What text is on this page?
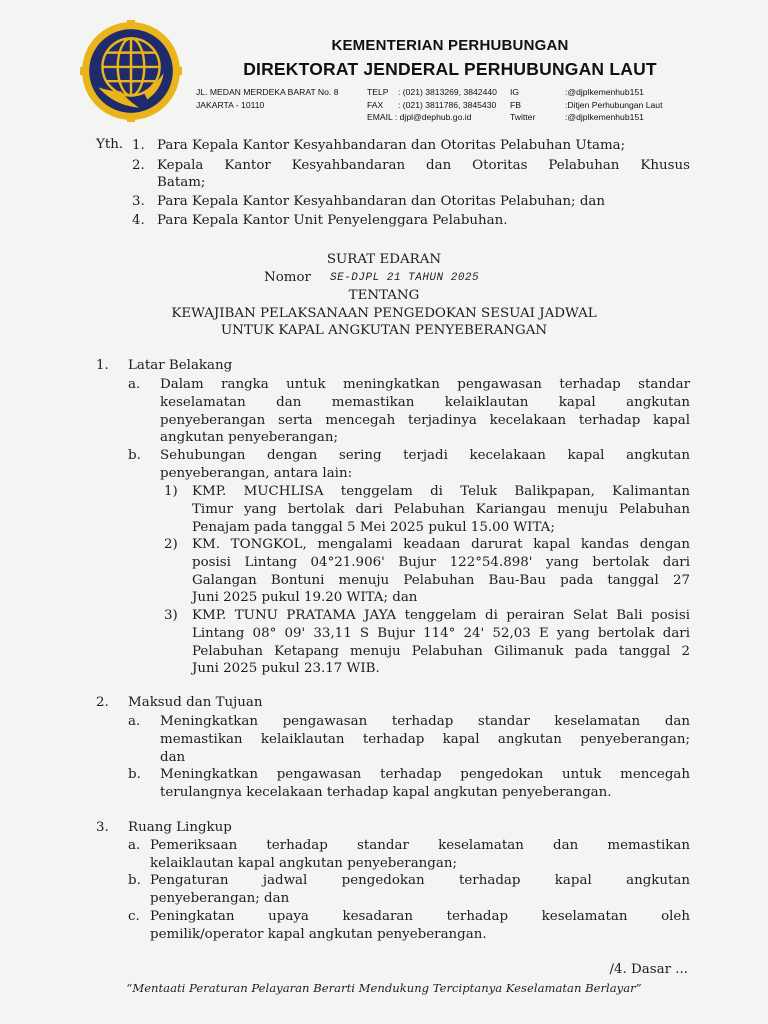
KEMENTERIAN PERHUBUNGAN
DIREKTORAT JENDERAL PERHUBUNGAN LAUT
JL. MEDAN MERDEKA BARAT No. 8
JAKARTA - 10110
TELP
FAX
: (021) 3813269, 3842440
: (021) 3811786, 3845430
EMAIL : djpl@dephub.go.id
IG
FB
Twitter
:@djplkemenhub151
:Ditjen Perhubungan Laut
:@djplkemenhub151
Yth. 1. Para Kepala Kantor Kesyahbandaran dan Otoritas Pelabuhan Utama;
2. Kepala Kantor Kesyahbandaran dan Otoritas Pelabuhan Khusus
Batam;
3. Para Kepala Kantor Kesyahbandaran dan Otoritas Pelabuhan; dan
4. Para Kepala Kantor Unit Penyelenggara Pelabuhan.
SURAT EDARAN
Nomor SE-DJPL 21 TAHUN 2025
TENTANG
KEWAJIBAN PELAKSANAAN PENGEDOKAN SESUAI JADWAL
UNTUK KAPAL ANGKUTAN PENYEBERANGAN
1. Latar Belakang
a. Dalam rangka untuk meningkatkan pengawasan terhadap standar
keselamatan dan memastikan kelaiklautan kapal angkutan
penyeberangan serta mencegah terjadinya kecelakaan terhadap kapal
angkutan penyeberangan;
b. Sehubungan dengan sering terjadi kecelakaan kapal angkutan
penyeberangan, antara lain:
1) KMP. MUCHLISA tenggelam di Teluk Balikpapan, Kalimantan
Timur yang bertolak dari Pelabuhan Kariangau menuju Pelabuhan
Penajam pada tanggal 5 Mei 2025 pukul 15.00 WITA;
2) KM. TONGKOL, mengalami keadaan darurat kapal kandas dengan
posisi Lintang 04°21.906' Bujur 122°54.898' yang bertolak dari
Galangan Bontuni menuju Pelabuhan Bau-Bau pada tanggal 27
Juni 2025 pukul 19.20 WITA; dan
3) KMP. TUNU PRATAMA JAYA tenggelam di perairan Selat Bali posisi
Lintang 08° 09' 33,11 S Bujur 114° 24' 52,03 E yang bertolak dari
Pelabuhan Ketapang menuju Pelabuhan Gilimanuk pada tanggal 2
Juni 2025 pukul 23.17 WIB.
2. Maksud dan Tujuan
a. Meningkatkan pengawasan terhadap standar keselamatan dan
memastikan kelaiklautan terhadap kapal angkutan penyeberangan;
dan
b. Meningkatkan pengawasan terhadap pengedokan untuk mencegah
terulangnya kecelakaan terhadap kapal angkutan penyeberangan.
3. Ruang Lingkup
a. Pemeriksaan terhadap standar keselamatan dan memastikan
kelaiklautan kapal angkutan penyeberangan;
b. Pengaturan jadwal pengedokan terhadap kapal angkutan
penyeberangan; dan
c. Peningkatan upaya kesadaran terhadap keselamatan oleh
pemilik/operator kapal angkutan penyeberangan.
/4. Dasar ...
“Mentaati Peraturan Pelayaran Berarti Mendukung Terciptanya Keselamatan Berlayar”
